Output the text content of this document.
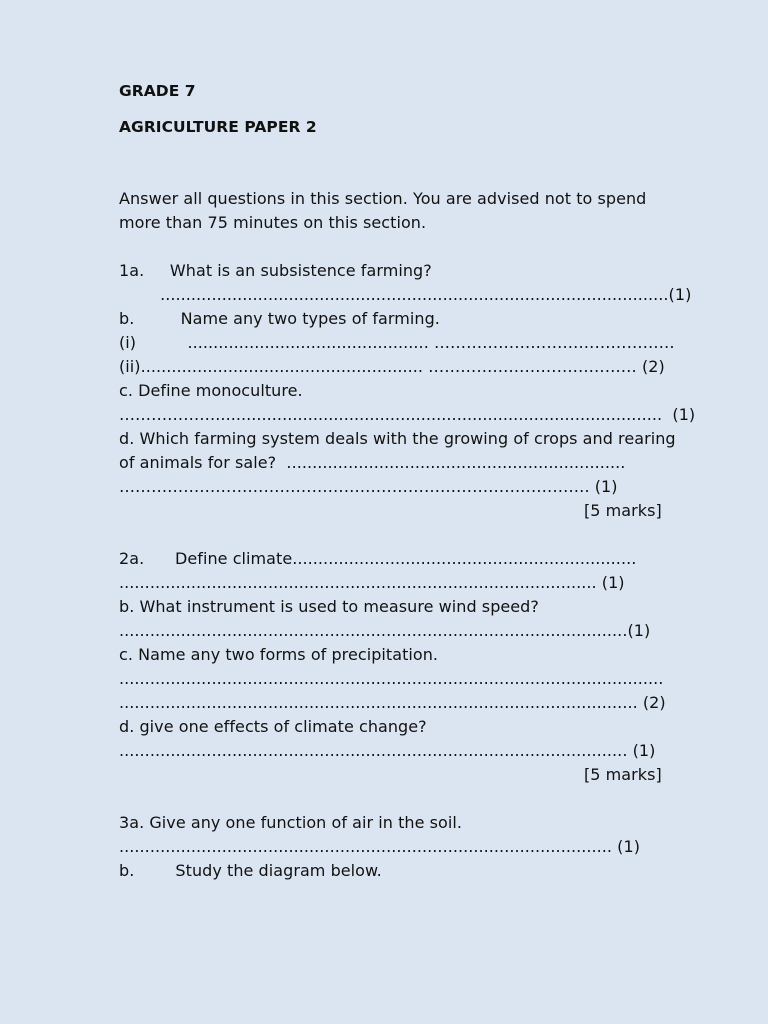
GRADE 7
AGRICULTURE PAPER 2
Answer all questions in this section. You are advised not to spend
more than 75 minutes on this section.
1a.     What is an subsistence farming?
...................................................................................................(1)
b.         Name any two types of farming.
(i)          ............................................... ………………………………………
(ii)....................................................... ………………………………… (2)
c. Define monoculture.
……………….......................................................................................  (1)
d. Which farming system deals with the growing of crops and rearing
of animals for sale?  ..................................................................
……………………………………………………………………………. (1)
[5 marks]
2a.      Define climate...................................................................
............................................................................................. (1)
b. What instrument is used to measure wind speed?
...................................................................................................(1)
c. Name any two forms of precipitation.
..........................................................................................................
..................................................................................................... (2)
d. give one effects of climate change?
................................................................................................... (1)
[5 marks]
3a. Give any one function of air in the soil.
................................................................................................ (1)
b.        Study the diagram below.
